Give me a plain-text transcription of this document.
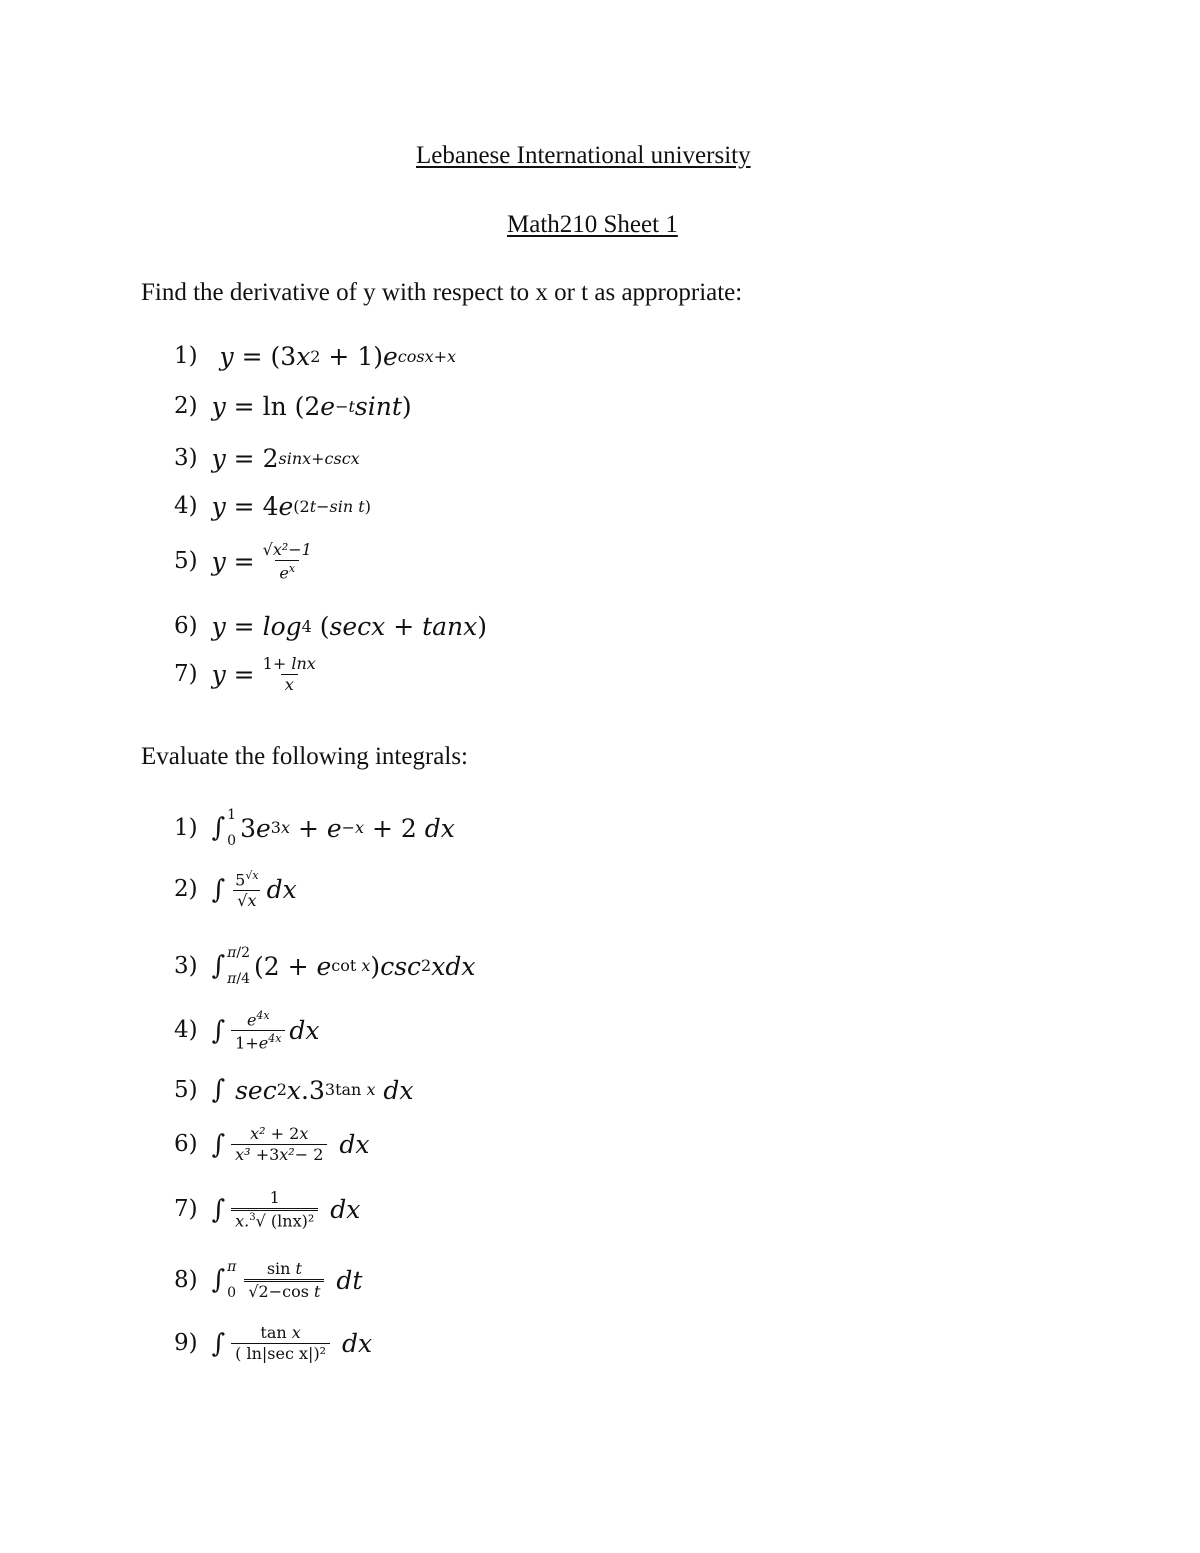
Lebanese International university
Math210 Sheet 1
Find the derivative of y with respect to x or t as appropriate:
1) y = (3 x 2 + 1) e cosx+x
2) y = ln (2 e −t sint )
3) y = 2 sinx+cscx
4) y = 4 e (2t−sin t)
5) $y = \frac{\text{√x²−1}}{e^x}$
6) y = log 4 ( secx + tanx )
7) $y = \frac{1+ \ln x}{x}$
Evaluate the following integrals:
1) ∫ 1
0 3 e 3x + e −x + 2 dx
2) ∫ $\frac{5^{√x}}{√x}$ dx
3) ∫ π/2
π/4 (2 + e cot x ) csc 2 xdx
4) ∫ $\frac{e^{4x}}{1+e^{4x}}$ dx
5) ∫ sec 2 x .3 3tan x dx
6) ∫ $\frac{\text{x² + 2x}}{\text{x³ +3x²− 2}}$ dx
7) ∫ $\frac{1}{x.^3√ (\ln x)^2}$ dx
8) ∫ π
$0 \frac{\text{sin t}}{\text{√2−cos t}}$ dt
9) ∫ $\frac{\text{tan x}}{\text{( ln|sec x|)²}}$ dx
